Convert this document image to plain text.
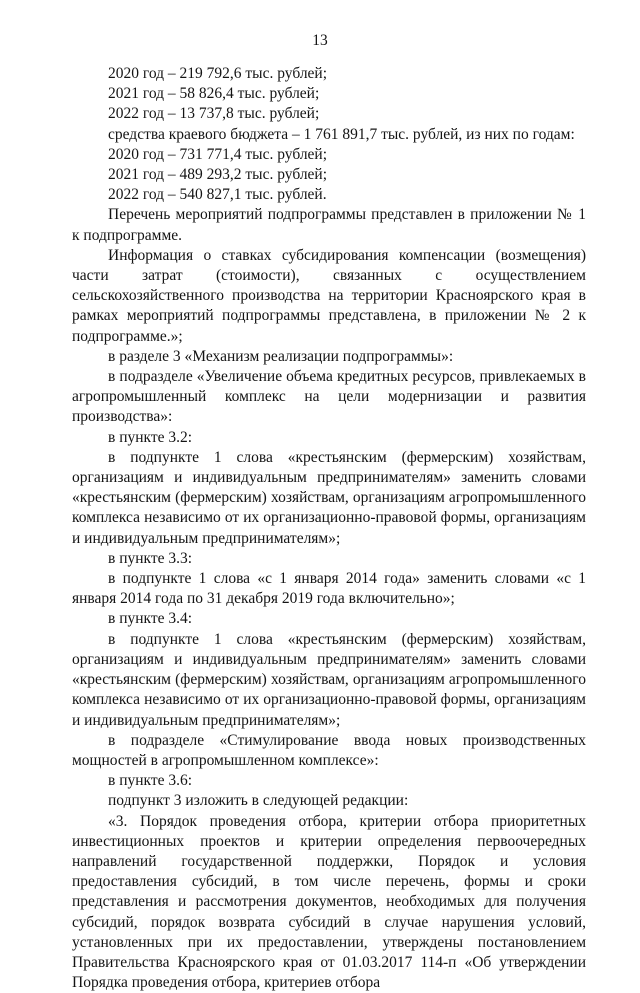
13

2020 год – 219 792,6 тыс. рублей;

2021 год – 58 826,4 тыс. рублей;

2022 год – 13 737,8 тыс. рублей;

средства краевого бюджета – 1 761 891,7 тыс. рублей, из них по годам:

2020 год – 731 771,4 тыс. рублей;

2021 год – 489 293,2 тыс. рублей;

2022 год – 540 827,1 тыс. рублей.

Перечень мероприятий подпрограммы представлен в приложении № 1 к подпрограмме.

Информация о ставках субсидирования компенсации (возмещения) части затрат (стоимости), связанных с осуществлением сельскохозяйственного производства на территории Красноярского края в рамках мероприятий подпрограммы представлена, в приложении № 2 к подпрограмме.»;

в разделе 3 «Механизм реализации подпрограммы»:

в подразделе «Увеличение объема кредитных ресурсов, привлекаемых в агропромышленный комплекс на цели модернизации и развития производства»:

в пункте 3.2:

в подпункте 1 слова «крестьянским (фермерским) хозяйствам, организациям и индивидуальным предпринимателям» заменить словами «крестьянским (фермерским) хозяйствам, организациям агропромышленного комплекса независимо от их организационно-правовой формы, организациям и индивидуальным предпринимателям»;

в пункте 3.3:

в подпункте 1 слова «с 1 января 2014 года» заменить словами «с 1 января 2014 года по 31 декабря 2019 года включительно»;

в пункте 3.4:

в подпункте 1 слова «крестьянским (фермерским) хозяйствам, организациям и индивидуальным предпринимателям» заменить словами «крестьянским (фермерским) хозяйствам, организациям агропромышленного комплекса независимо от их организационно-правовой формы, организациям и индивидуальным предпринимателям»;

в подразделе «Стимулирование ввода новых производственных мощностей в агропромышленном комплексе»:

в пункте 3.6:

подпункт 3 изложить в следующей редакции:

«3. Порядок проведения отбора, критерии отбора приоритетных инвестиционных проектов и критерии определения первоочередных направлений государственной поддержки, Порядок и условия предоставления субсидий, в том числе перечень, формы и сроки представления и рассмотрения документов, необходимых для получения субсидий, порядок возврата субсидий в случае нарушения условий, установленных при их предоставлении, утверждены постановлением Правительства Красноярского края от 01.03.2017 114-п «Об утверждении Порядка проведения отбора, критериев отбора
